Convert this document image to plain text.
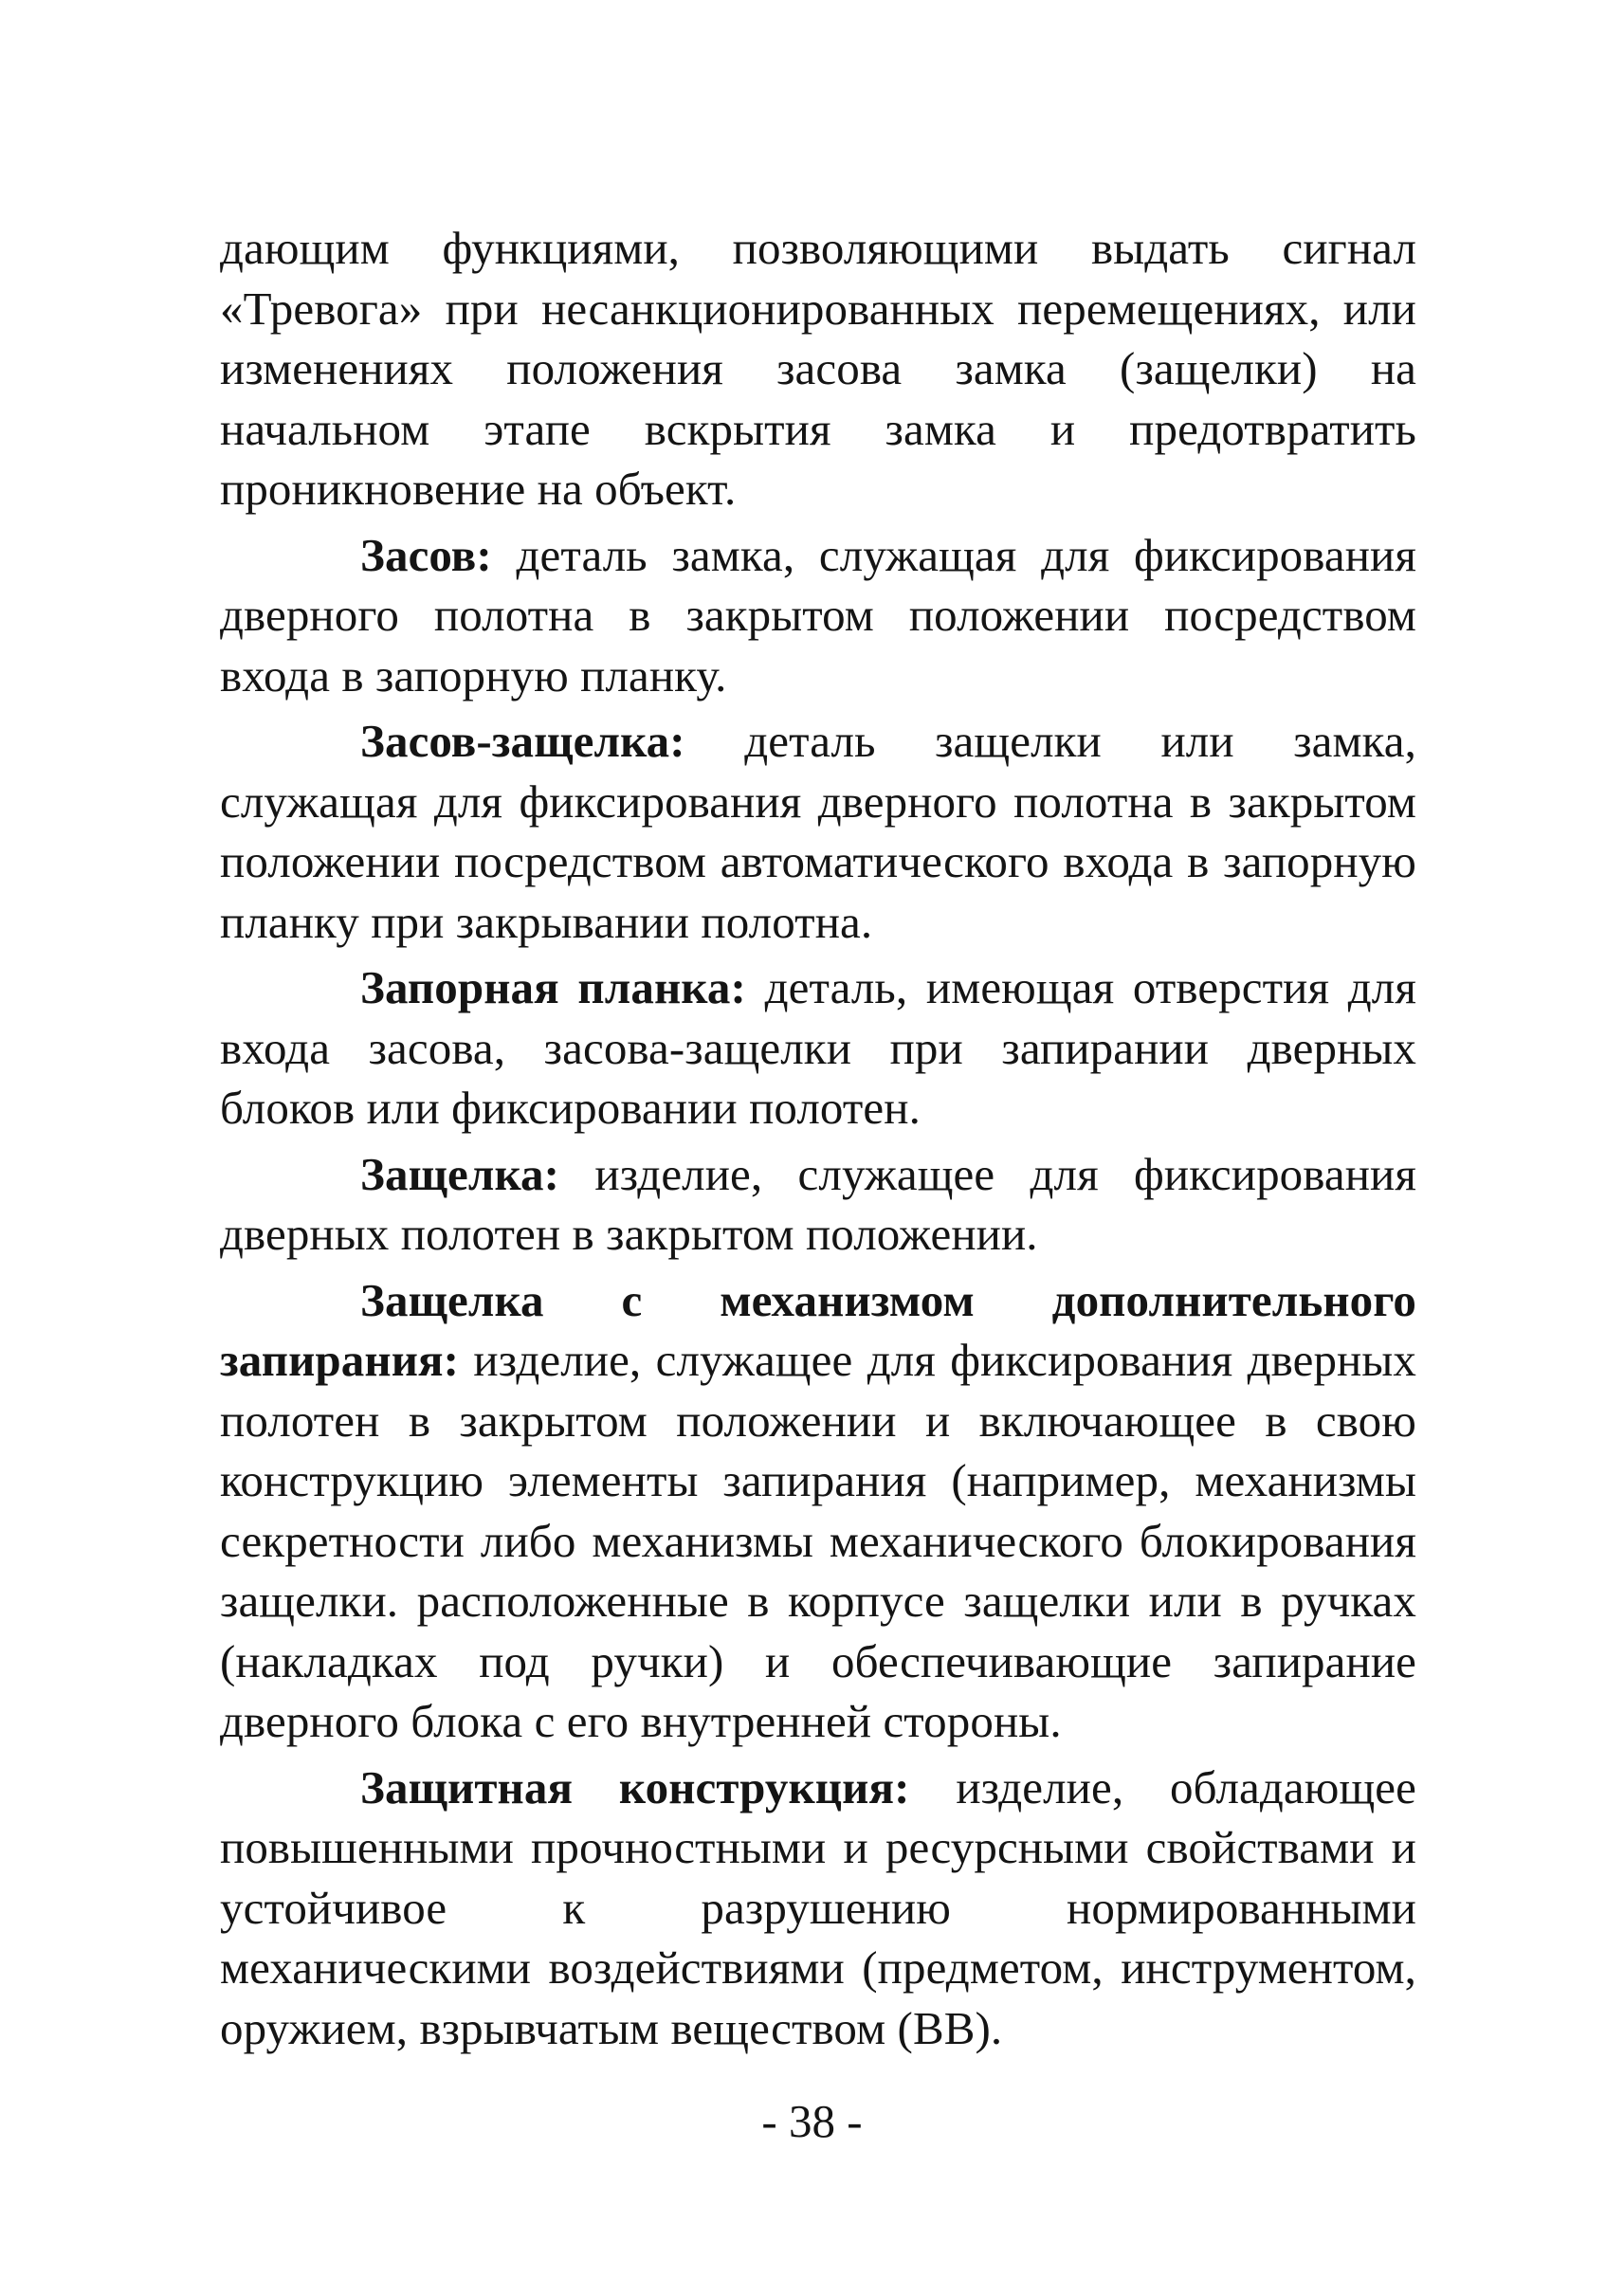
дающим функциями, позволяющими выдать сигнал «Тревога» при несанкционированных перемещениях, или изменениях положения засова замка (защелки) на начальном этапе вскрытия замка и предотвратить проникновение на объект.

Засов: деталь замка, служащая для фиксирования дверного полотна в закрытом положении посредством входа в запорную планку.

Засов-защелка: деталь защелки или замка, служащая для фиксирования дверного полотна в закрытом положении посредством автоматического входа в запорную планку при закрывании полотна.

Запорная планка: деталь, имеющая отверстия для входа засова, засова-защелки при запирании дверных блоков или фиксировании полотен.

Защелка: изделие, служащее для фиксирования дверных полотен в закрытом положении.

Защелка с механизмом дополнительного запирания: изделие, служащее для фиксирования дверных полотен в закрытом положении и включающее в свою конструкцию элементы запирания (например, механизмы секретности либо механизмы механического блокирования защелки. расположенные в корпусе защелки или в ручках (накладках под ручки) и обеспечивающие запирание дверного блока с его внутренней стороны.

Защитная конструкция: изделие, обладающее повышенными прочностными и ресурсными свойствами и устойчивое к разрушению нормированными механическими воздействиями (предметом, инструментом, оружием, взрывчатым веществом (ВВ).

- 38 -
